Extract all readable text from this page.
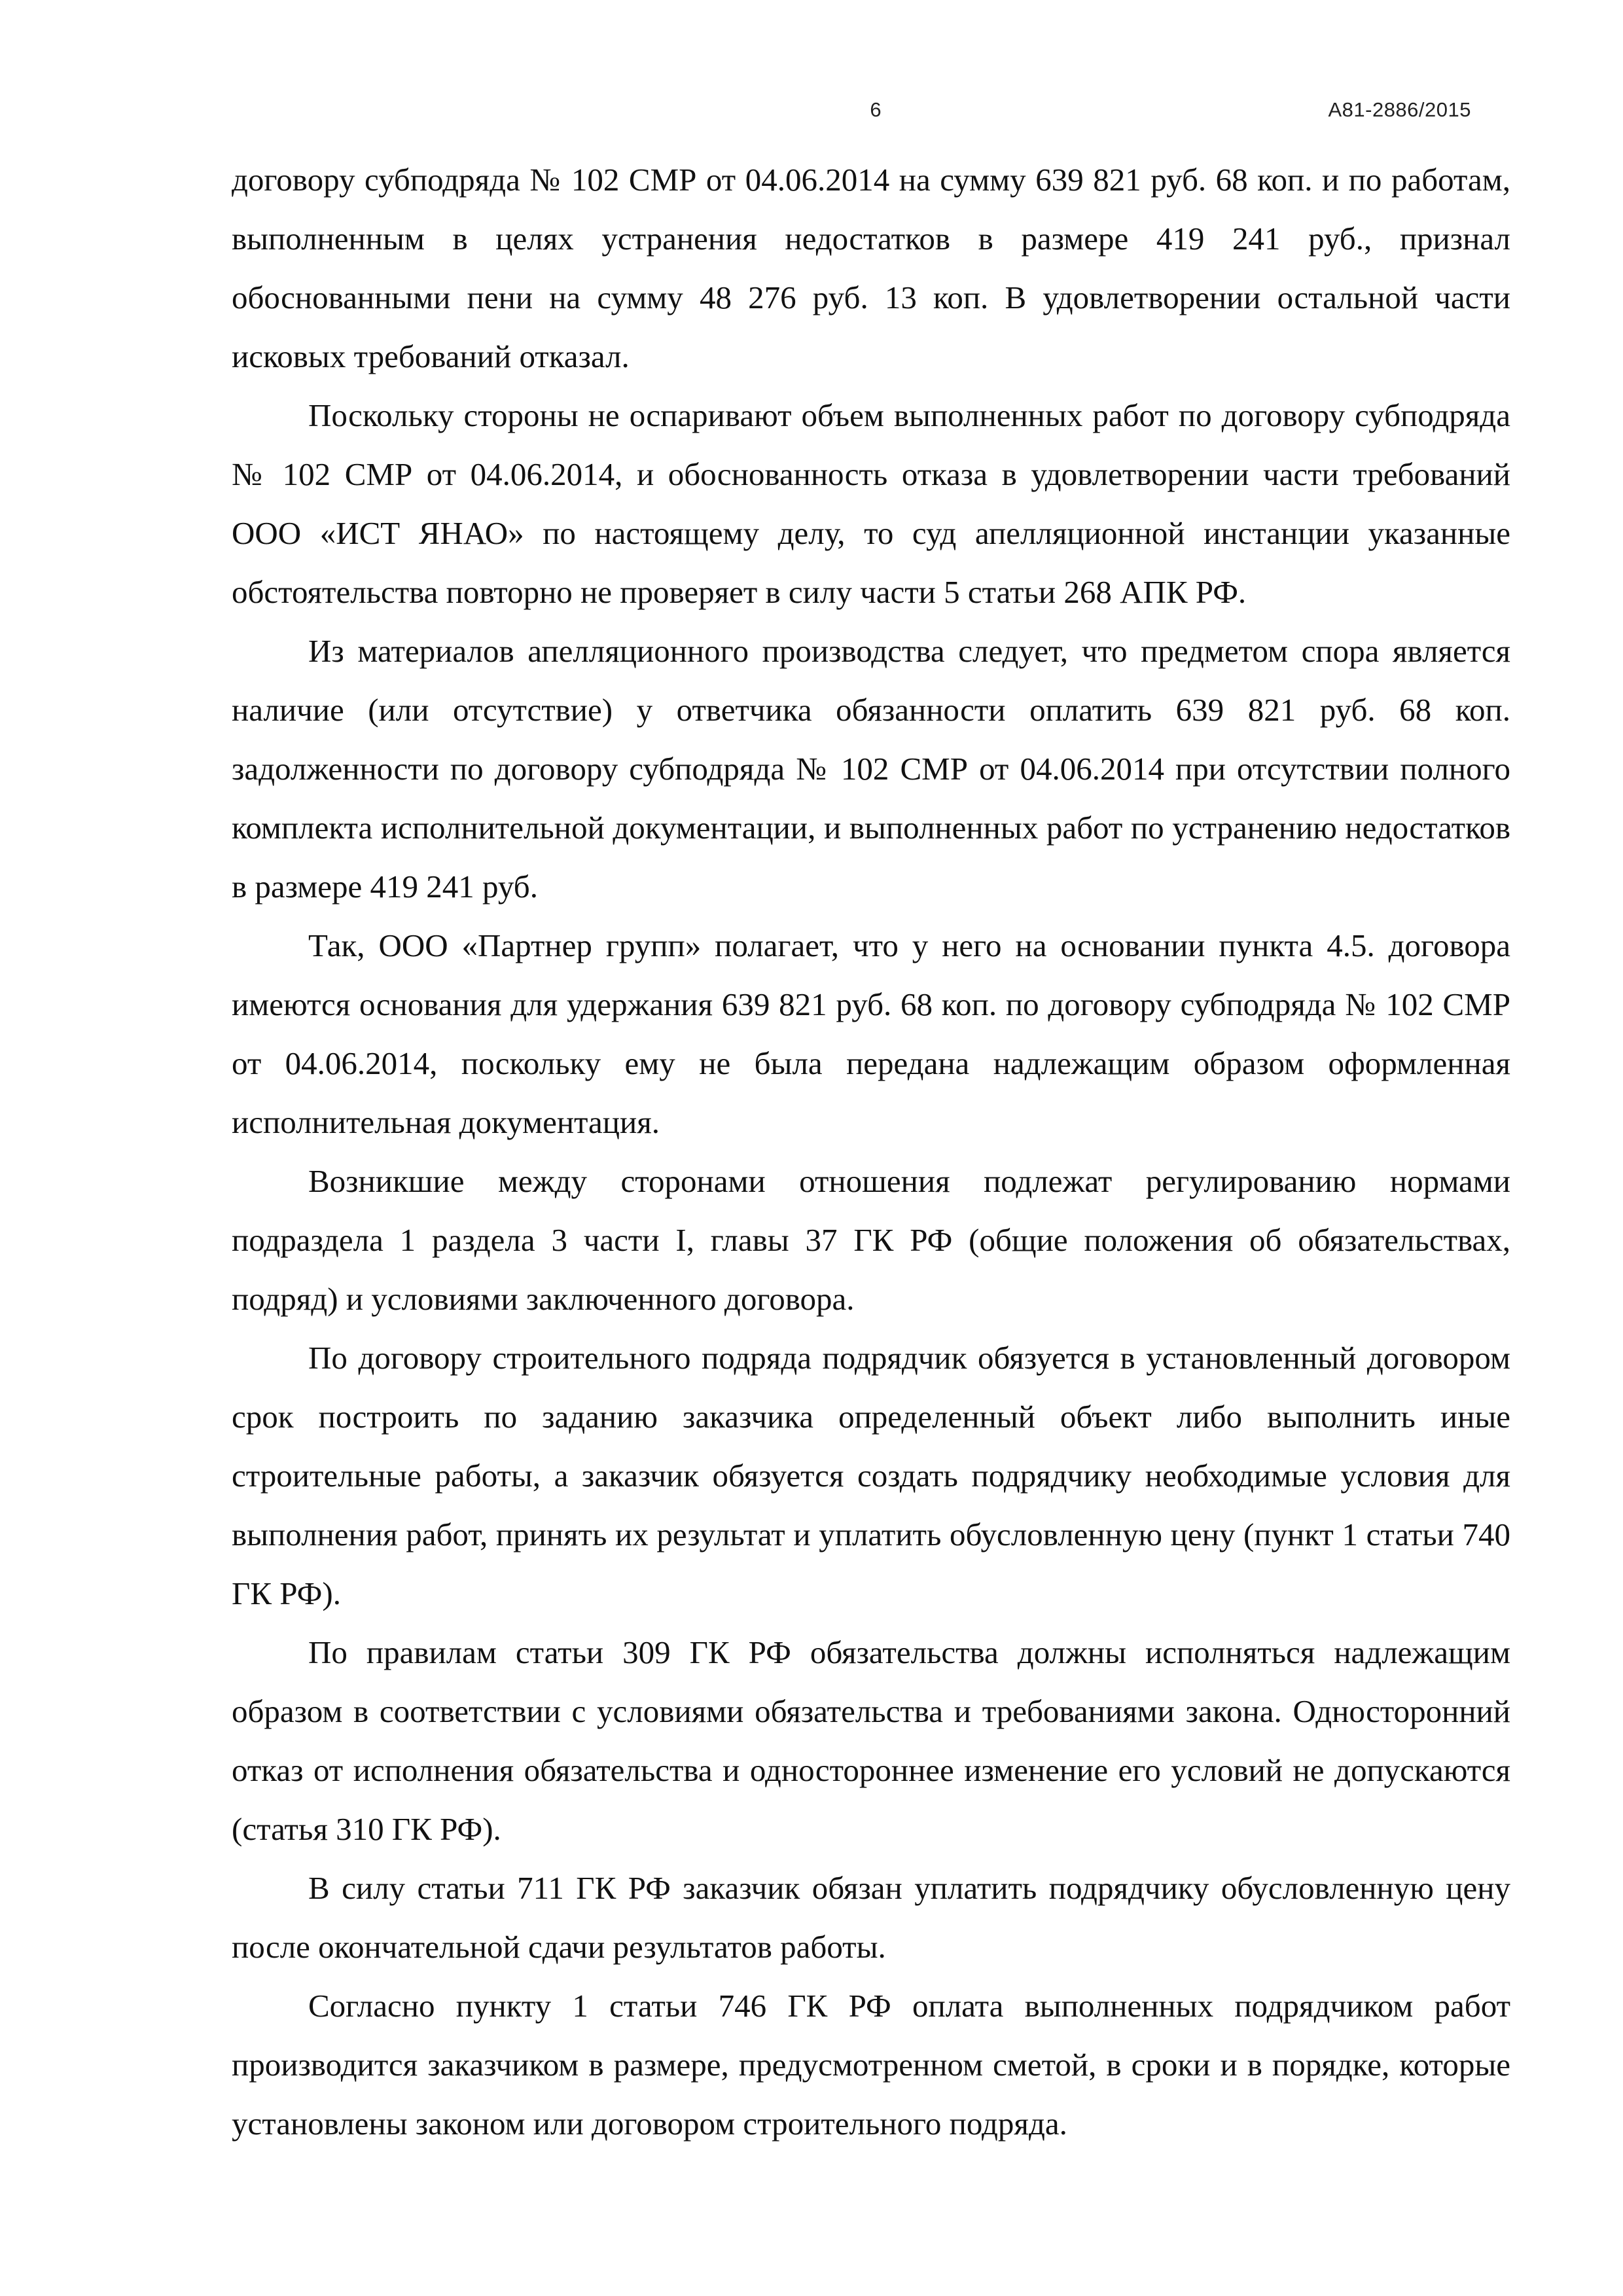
6	А81-2886/2015

договору субподряда № 102 СМР от 04.06.2014 на сумму 639 821 руб. 68 коп. и по работам, выполненным в целях устранения недостатков в размере 419 241 руб., признал обоснованными пени на сумму 48 276 руб. 13 коп. В удовлетворении остальной части исковых требований отказал.

Поскольку стороны не оспаривают объем выполненных работ по договору субподряда № 102 СМР от 04.06.2014, и обоснованность отказа в удовлетворении части требований ООО «ИСТ ЯНАО» по настоящему делу, то суд апелляционной инстанции указанные обстоятельства повторно не проверяет в силу части 5 статьи 268 АПК РФ.

Из материалов апелляционного производства следует, что предметом спора является наличие (или отсутствие) у ответчика обязанности оплатить 639 821 руб. 68 коп. задолженности по договору субподряда № 102 СМР от 04.06.2014 при отсутствии полного комплекта исполнительной документации, и выполненных работ по устранению недостатков в размере 419 241 руб.

Так, ООО «Партнер групп» полагает, что у него на основании пункта 4.5. договора имеются основания для удержания 639 821 руб. 68 коп. по договору субподряда № 102 СМР от 04.06.2014, поскольку ему не была передана надлежащим образом оформленная исполнительная документация.

Возникшие между сторонами отношения подлежат регулированию нормами подраздела 1 раздела 3 части I, главы 37 ГК РФ (общие положения об обязательствах, подряд) и условиями заключенного договора.

По договору строительного подряда подрядчик обязуется в установленный договором срок построить по заданию заказчика определенный объект либо выполнить иные строительные работы, а заказчик обязуется создать подрядчику необходимые условия для выполнения работ, принять их результат и уплатить обусловленную цену (пункт 1 статьи 740 ГК РФ).

По правилам статьи 309 ГК РФ обязательства должны исполняться надлежащим образом в соответствии с условиями обязательства и требованиями закона. Односторонний отказ от исполнения обязательства и одностороннее изменение его условий не допускаются (статья 310 ГК РФ).

В силу статьи 711 ГК РФ заказчик обязан уплатить подрядчику обусловленную цену после окончательной сдачи результатов работы.

Согласно пункту 1 статьи 746 ГК РФ оплата выполненных подрядчиком работ производится заказчиком в размере, предусмотренном сметой, в сроки и в порядке, которые установлены законом или договором строительного подряда.
